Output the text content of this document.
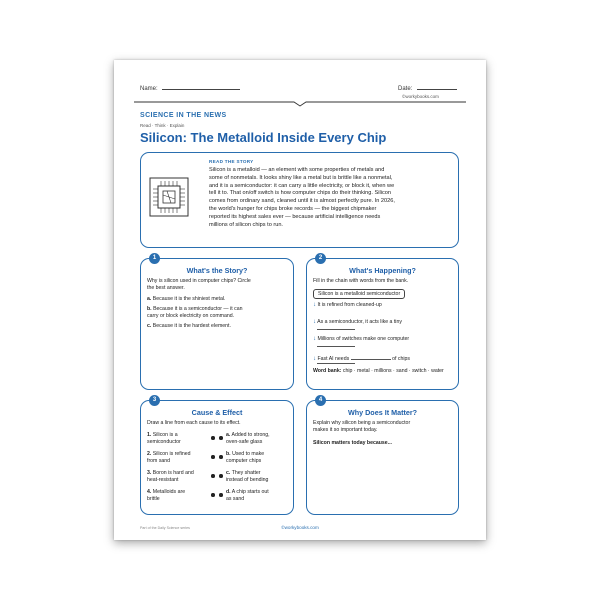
Name:	Date:
©workybooks.com
SCIENCE IN THE NEWS
Read · Think · Explain
Silicon: The Metalloid Inside Every Chip
READ THE STORY
Silicon is a metalloid — an element with some properties of metals and
some of nonmetals. It looks shiny like a metal but is brittle like a nonmetal,
and it is a semiconductor: it can carry a little electricity, or block it, when we
tell it to. That on/off switch is how computer chips do their thinking. Silicon
comes from ordinary sand, cleaned until it is almost perfectly pure. In 2026,
the world's hunger for chips broke records — the biggest chipmaker
reported its highest sales ever — because artificial intelligence needs
millions of silicon chips to run.
1
What's the Story?
Why is silicon used in computer chips? Circle
the best answer.
a. Because it is the shiniest metal.
b. Because it is a semiconductor — it can
carry or block electricity on command.
c. Because it is the hardest element.
2
What's Happening?
Fill in the chain with words from the bank.
Silicon is a metalloid semiconductor
↓ It is refined from cleaned-up
↓ As a semiconductor, it acts like a tiny
↓ Millions of switches make one computer
↓ Fast AI needs	of chips
Word bank: chip · metal · millions · sand · switch · water
3
Cause & Effect
Draw a line from each cause to its effect.
1. Silicon is a
semiconductor
2. Silicon is refined
from sand
3. Boron is hard and
heat-resistant
4. Metalloids are
brittle
a. Added to strong,
oven-safe glass
b. Used to make
computer chips
c. They shatter
instead of bending
d. A chip starts out
as sand
4
Why Does It Matter?
Explain why silicon being a semiconductor
makes it so important today.
Silicon matters today because...
Part of the Daily Science series	©workybooks.com
